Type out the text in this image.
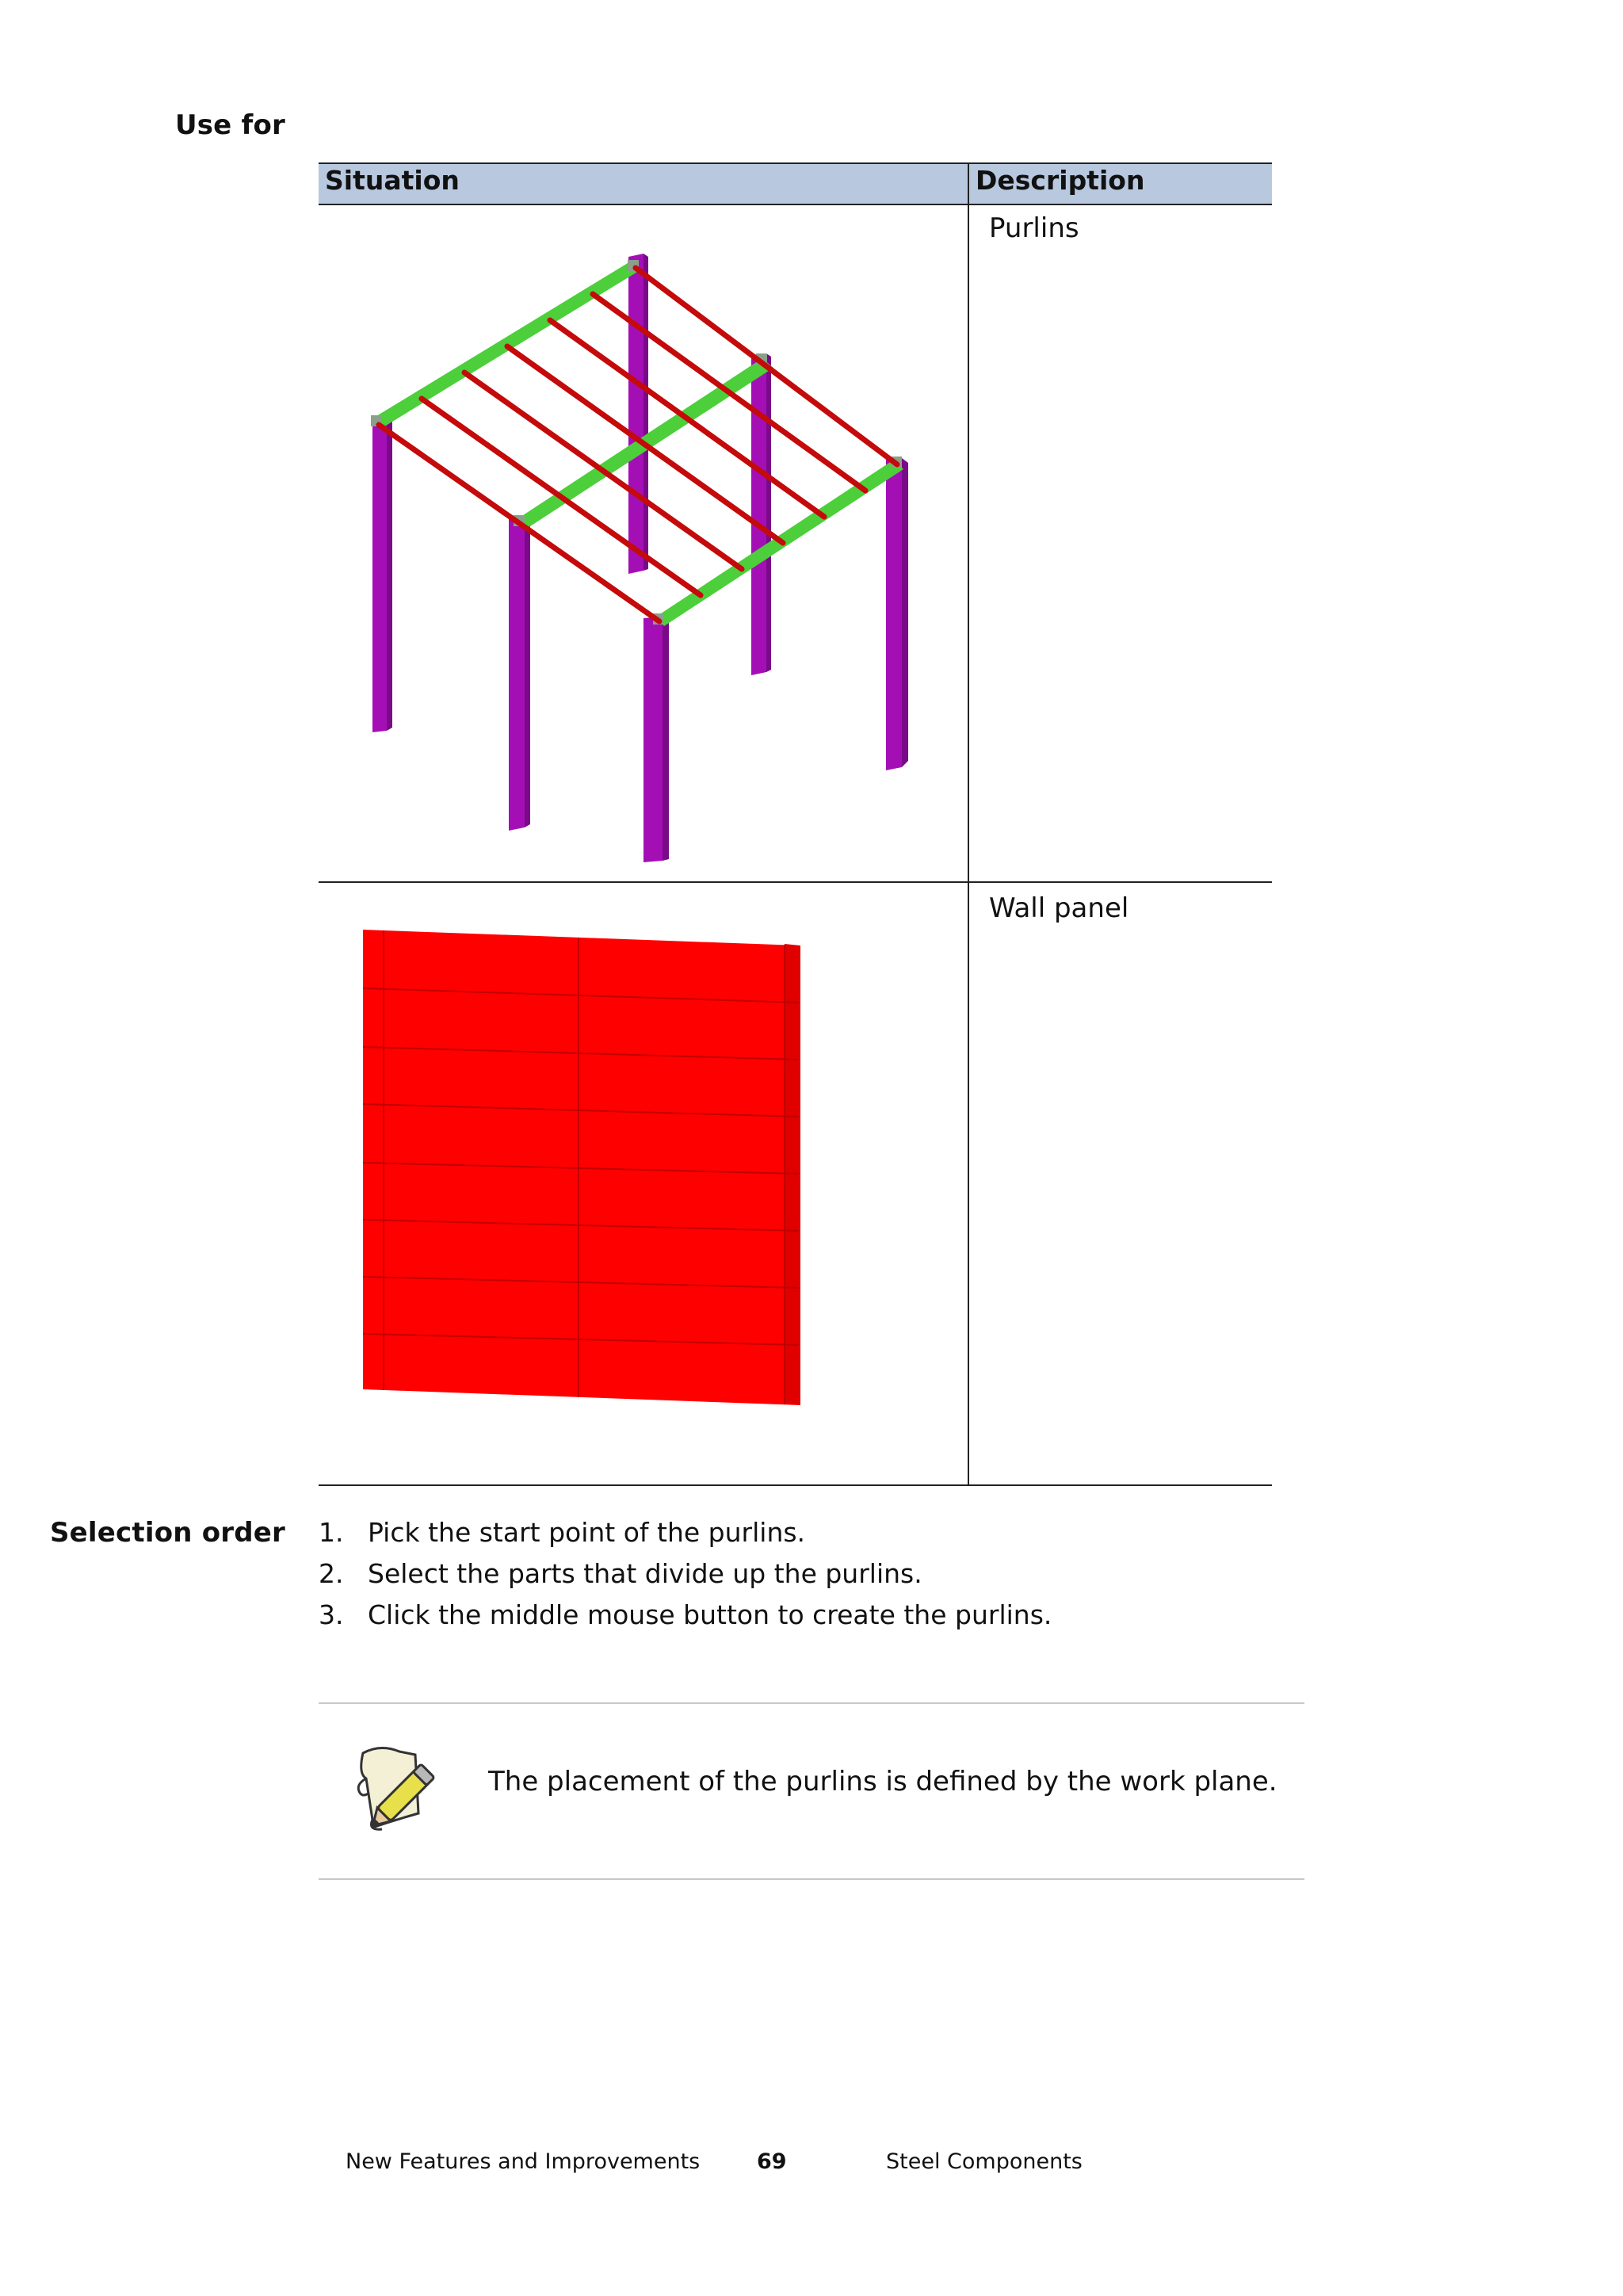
Use for
Situation	Description
Purlins
Wall panel
Selection order 1. Pick the start point of the purlins.
2. Select the parts that divide up the purlins.
3. Click the middle mouse button to create the purlins.
The placement of the purlins is defined by the work plane.
New Features and Improvements	69	Steel Components
